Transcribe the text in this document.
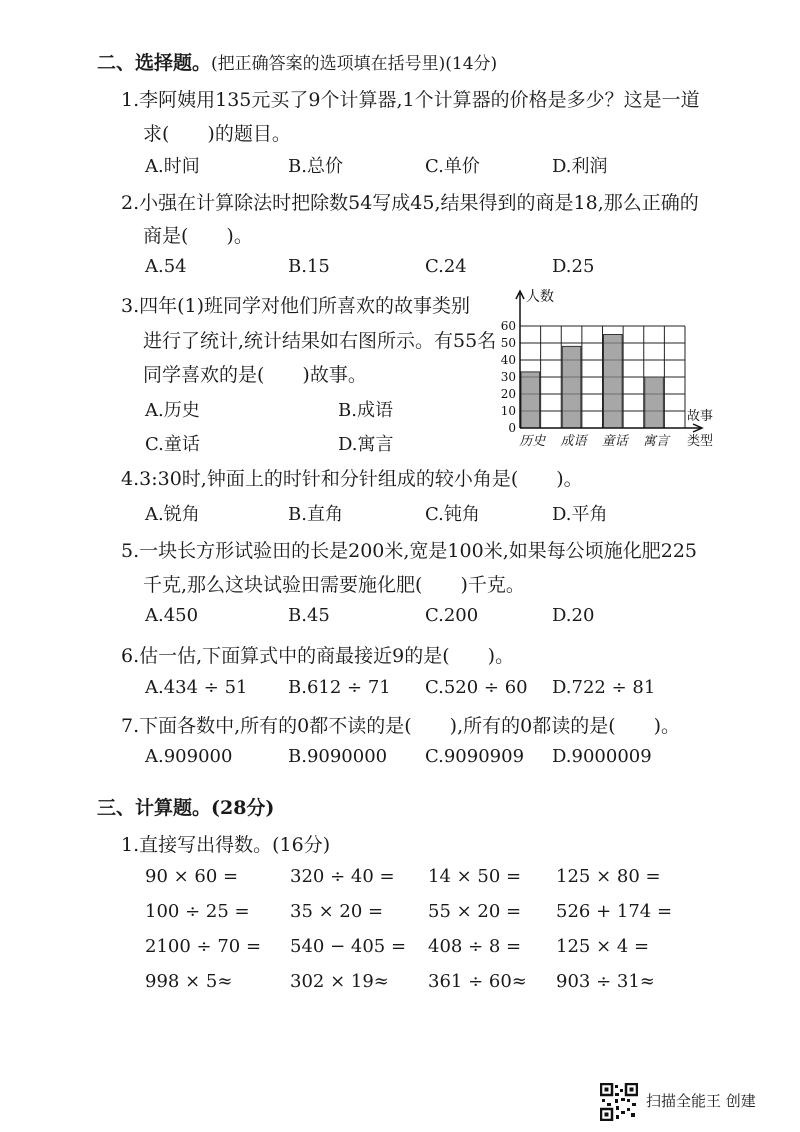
二、选择题。(把正确答案的选项填在括号里)(14分)
1.李阿姨用135元买了9个计算器,1个计算器的价格是多少？这是一道
求(　　)的题目。
A.时间	B.总价	C.单价	D.利润
2.小强在计算除法时把除数54写成45,结果得到的商是18,那么正确的
商是(　　)。
A.54	B.15	C.24	D.25
3.四年(1)班同学对他们所喜欢的故事类别
进行了统计,统计结果如右图所示。有55名
同学喜欢的是(　　)故事。
A.历史	B.成语
C.童话	D.寓言
0
10
20
30
40
50
60
人数
故事
类型
历史 成语 童话 寓言
4.3:30时,钟面上的时针和分针组成的较小角是(　　)。
A.锐角	B.直角	C.钝角	D.平角
5.一块长方形试验田的长是200米,宽是100米,如果每公顷施化肥225
千克,那么这块试验田需要施化肥(　　)千克。
A.450	B.45	C.200	D.20
6.估一估,下面算式中的商最接近9的是(　　)。
A.434 ÷ 51 B.612 ÷ 71 C.520 ÷ 60 D.722 ÷ 81
7.下面各数中,所有的0都不读的是(　　),所有的0都读的是(　　)。
A.909000	B.9090000 C.9090909 D.9000009
三、计算题。(28分)
1.直接写出得数。(16分)
90 × 60 =	320 ÷ 40 = 14 × 50 = 125 × 80 =
100 ÷ 25 = 35 × 20 = 55 × 20 = 526 + 174 =
2100 ÷ 70 = 540 − 405 = 408 ÷ 8 = 125 × 4 =
998 × 5≈	302 × 19≈ 361 ÷ 60≈ 903 ÷ 31≈
扫描全能王 创建
